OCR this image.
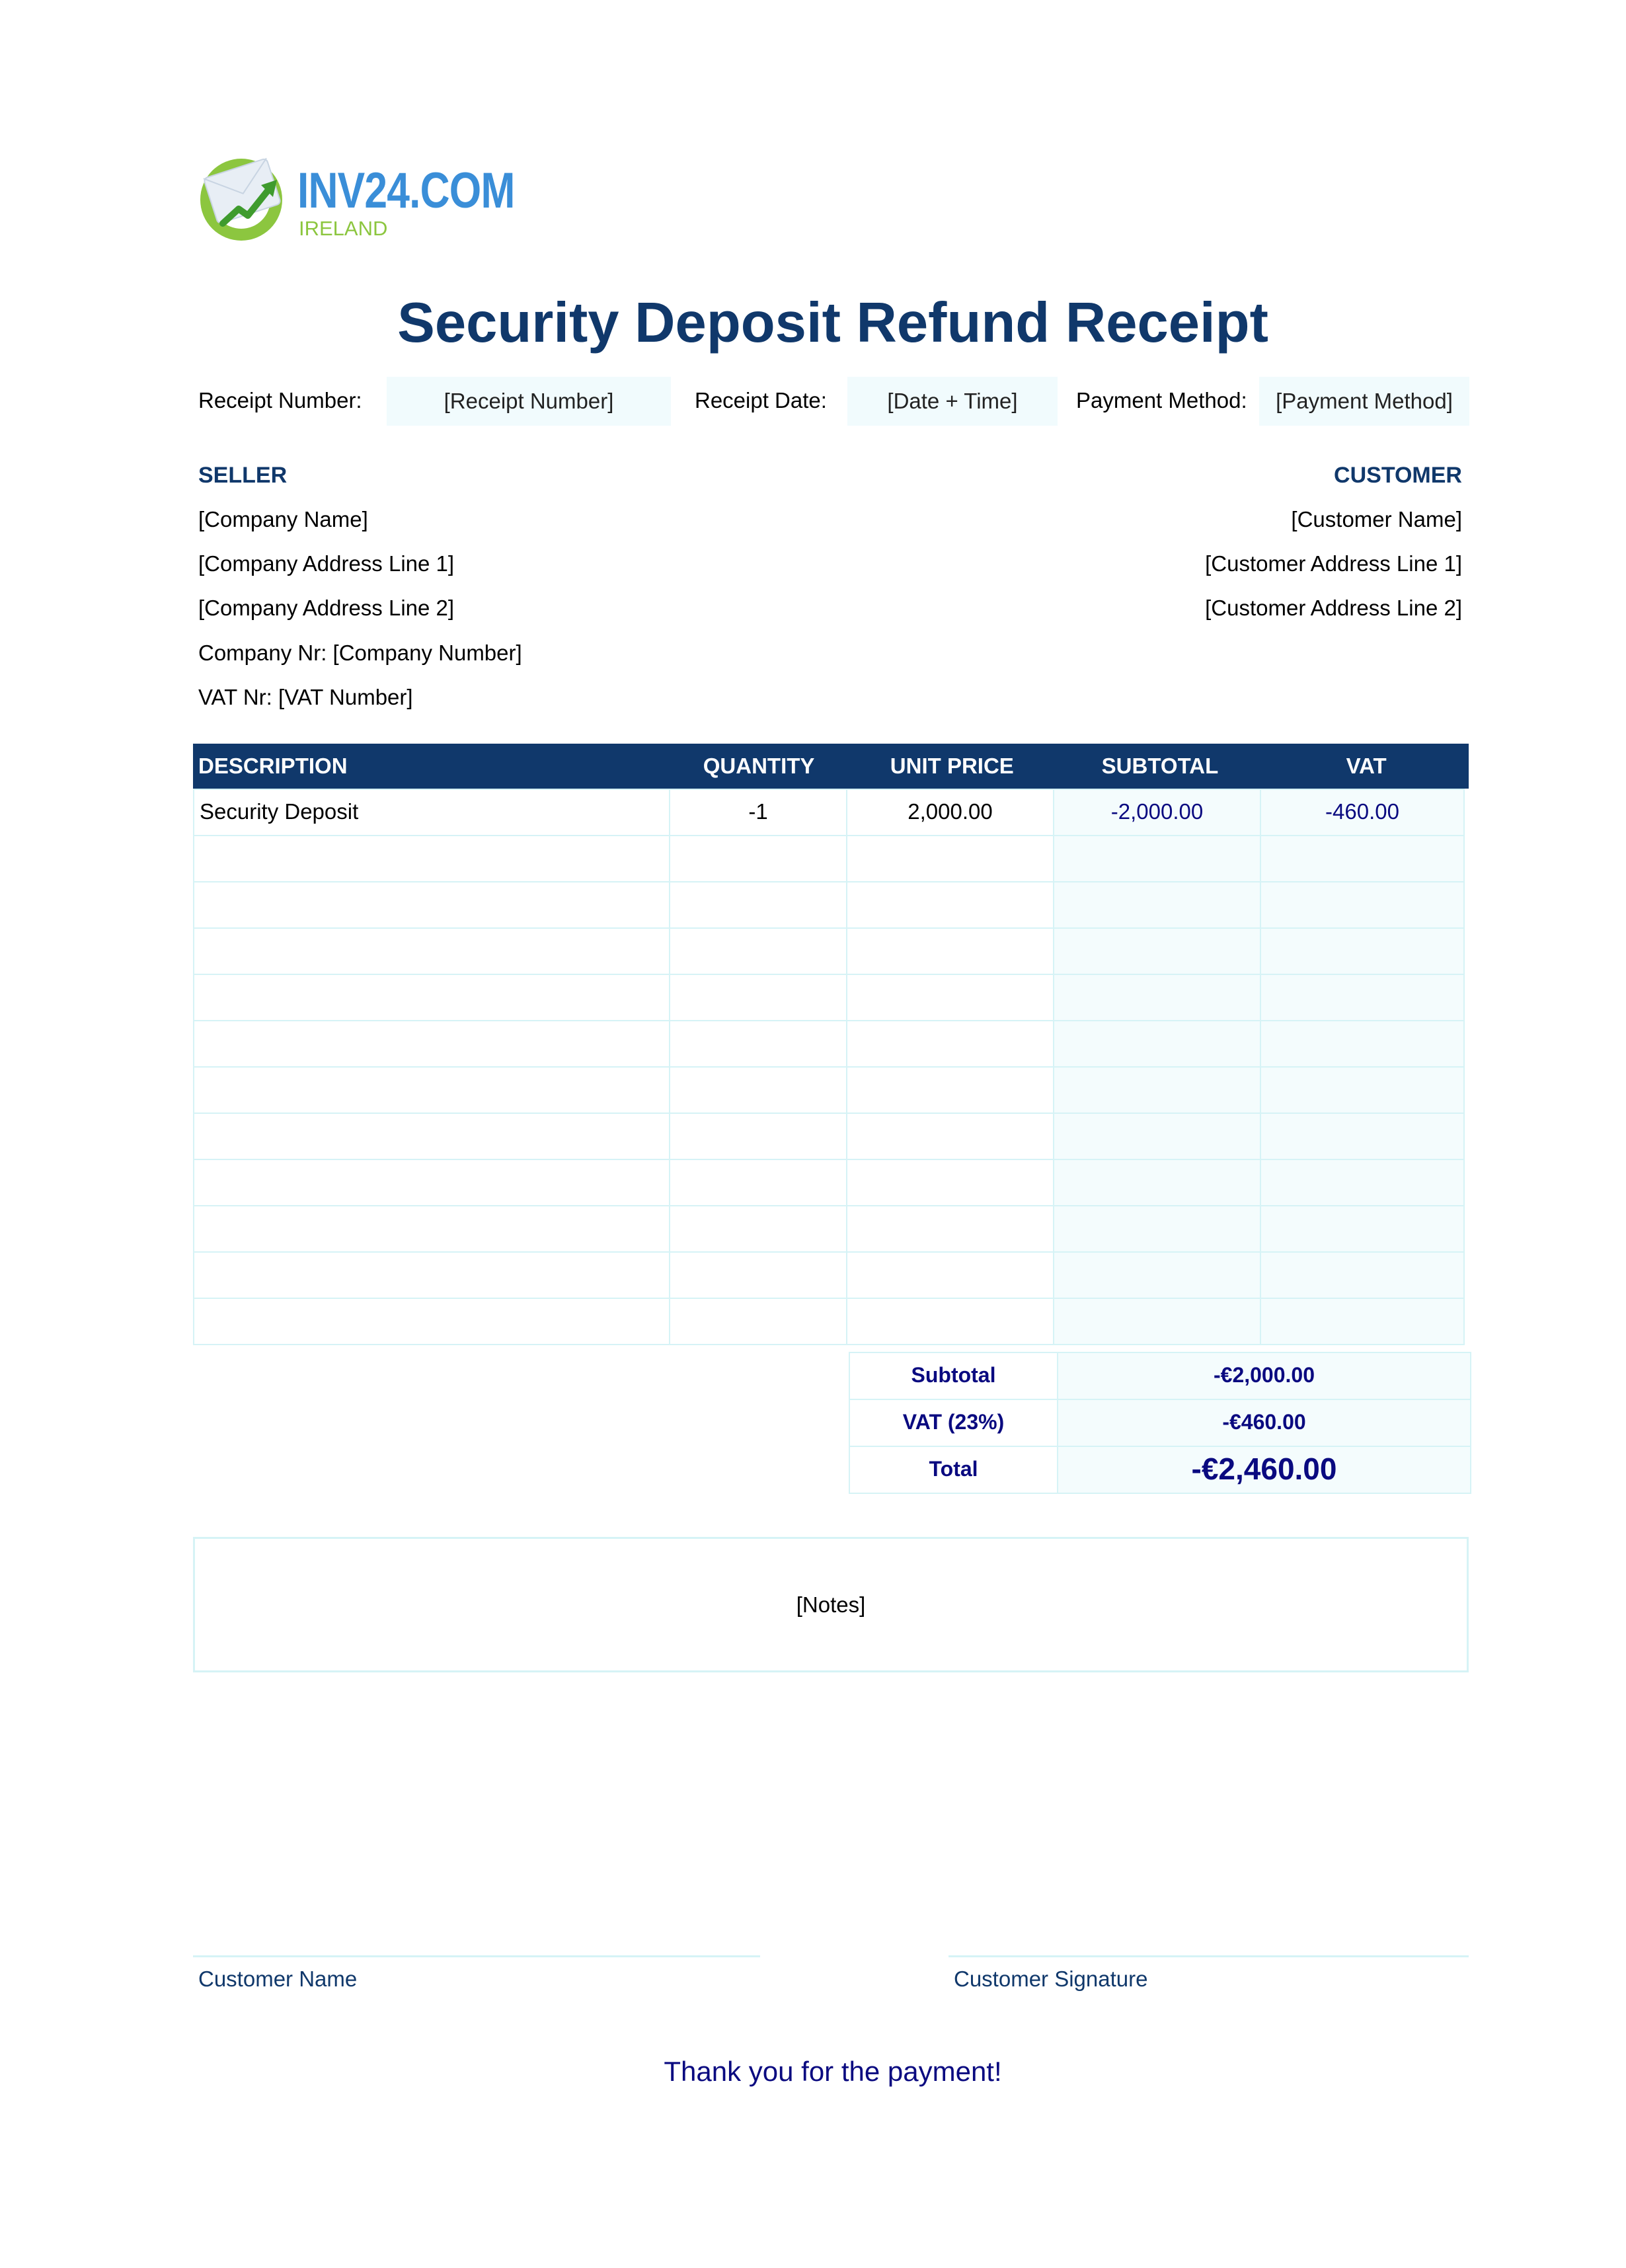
INV24.COM
IRELAND
Security Deposit Refund Receipt
Receipt Number:	[Receipt Number]	Receipt Date:	[Date + Time]	Payment Method:	[Payment Method]
SELLER
[Company Name]
[Company Address Line 1]
[Company Address Line 2]
Company Nr: [Company Number]
VAT Nr: [VAT Number]
CUSTOMER
[Customer Name]
[Customer Address Line 1]
[Customer Address Line 2]
DESCRIPTION	QUANTITY	UNIT PRICE	SUBTOTAL	VAT
Security Deposit	-1	2,000.00	-2,000.00	-460.00
Subtotal	-€2,000.00
VAT (23%)	-€460.00
Total	-€2,460.00
[Notes]
Customer Name	Customer Signature
Thank you for the payment!
